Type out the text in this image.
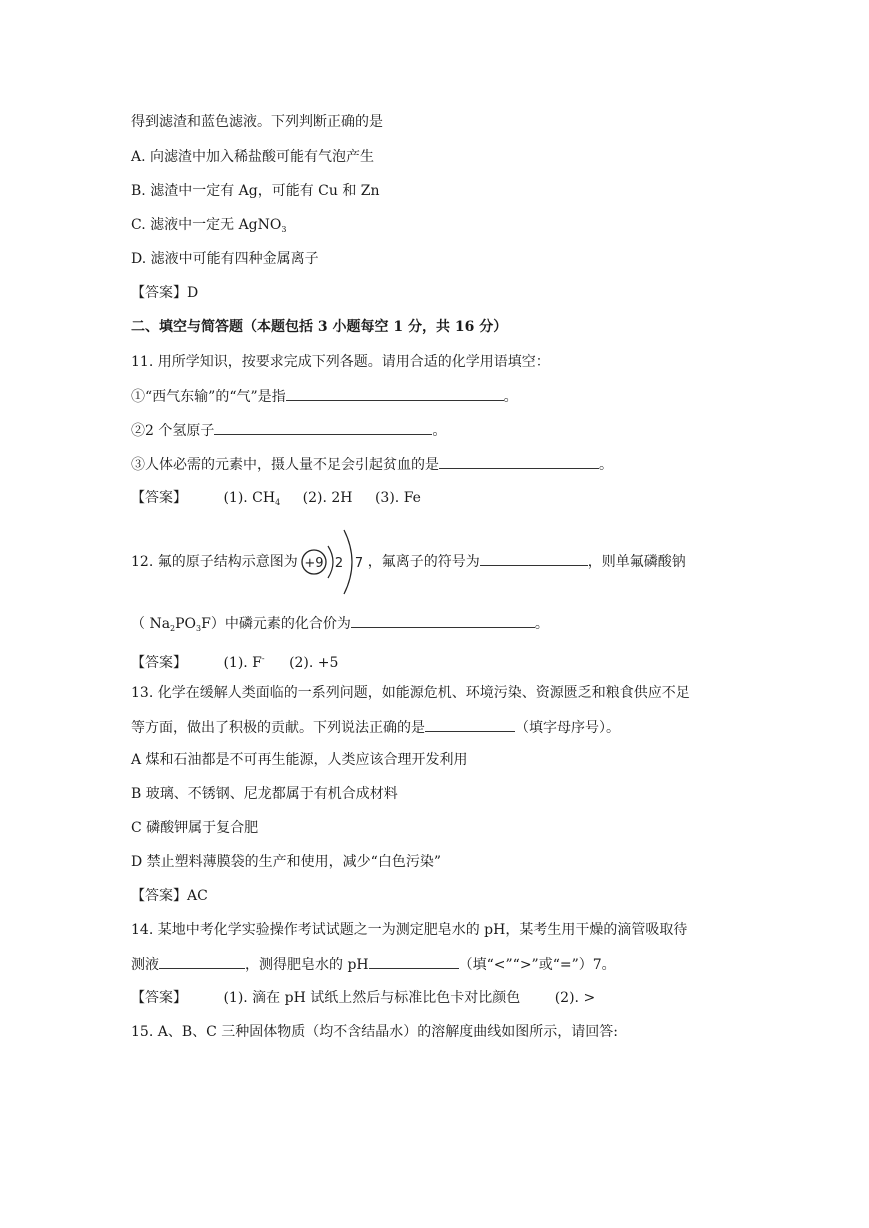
得到滤渣和蓝色滤液。下列判断正确的是
A. 向滤渣中加入稀盐酸可能有气泡产生
B. 滤渣中一定有 Ag，可能有 Cu 和 Zn
C. 滤液中一定无 AgNO$_3$
D. 滤液中可能有四种金属离子
【答案】D
二、填空与简答题（本题包括 3 小题每空 1 分，共 16 分）
11. 用所学知识，按要求完成下列各题。请用合适的化学用语填空：
①“西气东输”的“气”是指	。
②2 个氢原子	。
③人体必需的元素中，摄人量不足会引起贫血的是	。
【答案】	(1). $CH_4$ (2). 2H (3). Fe
12. 氟的原子结构示意图为 +9 2 7 ，氟离子的符号为	，则单氟磷酸钠
（ $Na_2PO_3F$）中磷元素的化合价为	。
【答案】	(1). F- (2). +5
13. 化学在缓解人类面临的一系列问题，如能源危机、环境污染、资源匮乏和粮食供应不足
等方面，做出了积极的贡献。下列说法正确的是	（填字母序号）。
A 煤和石油都是不可再生能源，人类应该合理开发利用
B 玻璃、不锈钢、尼龙都属于有机合成材料
C 磷酸钾属于复合肥
D 禁止塑料薄膜袋的生产和使用，减少“白色污染”
【答案】AC
14. 某地中考化学实验操作考试试题之一为测定肥皂水的 pH，某考生用干燥的滴管吸取待
测液	，测得肥皂水的 pH	（填“<”“>”或“=”）7。
【答案】	(1). 滴在 pH 试纸上然后与标准比色卡对比颜色 (2). >
15. A、B、C 三种固体物质（均不含结晶水）的溶解度曲线如图所示，请回答:
